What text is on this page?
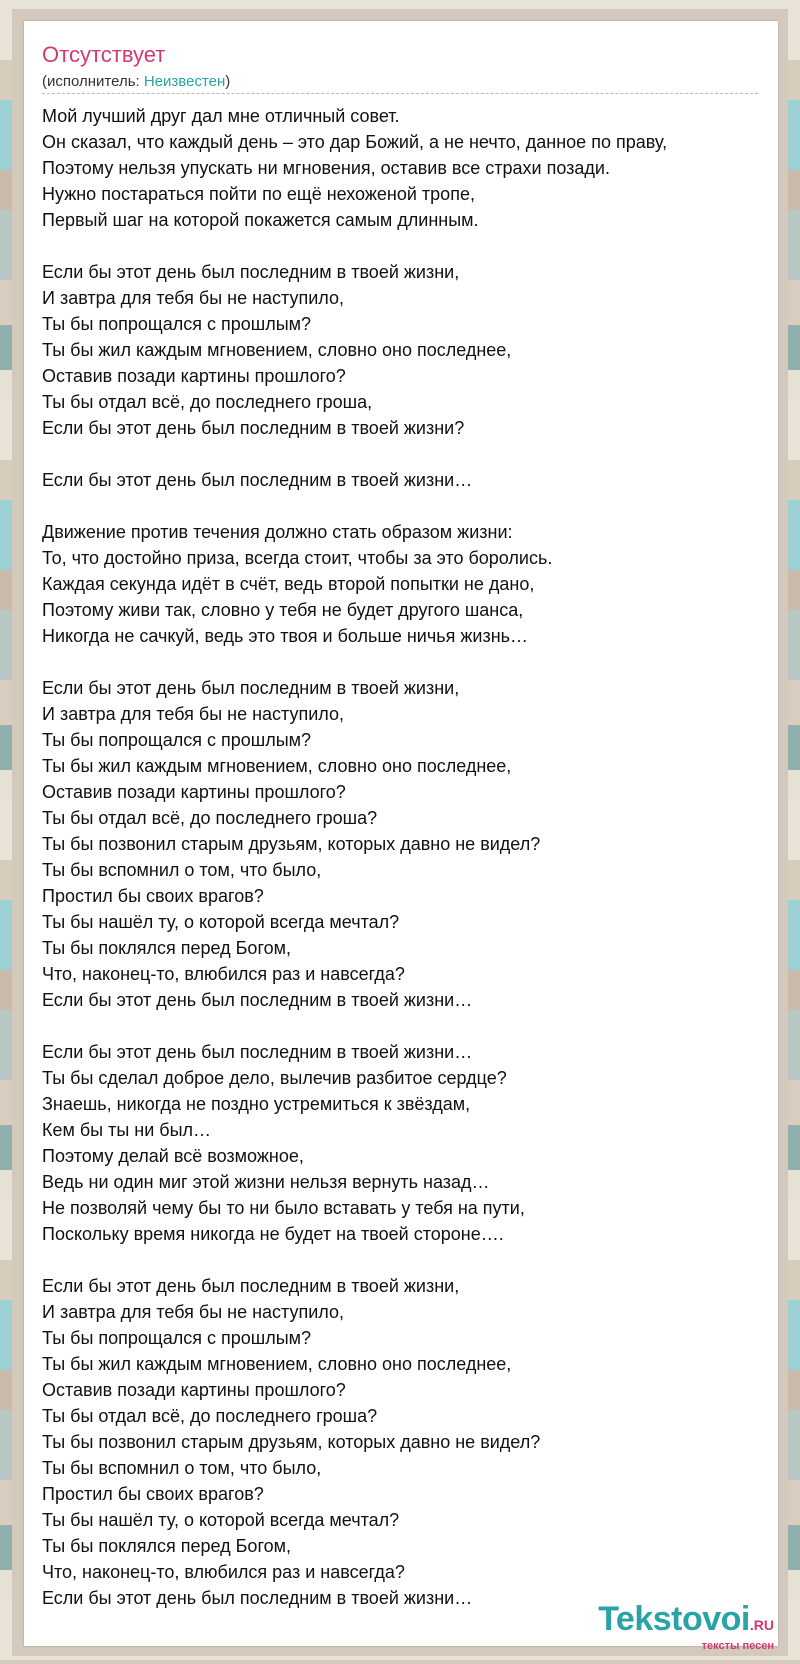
Отсутствует
(исполнитель: Неизвестен)
Мой лучший друг дал мне отличный совет.
Он сказал, что каждый день – это дар Божий, а не нечто, данное по праву,
Поэтому нельзя упускать ни мгновения, оставив все страхи позади.
Нужно постараться пойти по ещё нехоженой тропе,
Первый шаг на которой покажется самым длинным.

Если бы этот день был последним в твоей жизни,
И завтра для тебя бы не наступило,
Ты бы попрощался с прошлым?
Ты бы жил каждым мгновением, словно оно последнее,
Оставив позади картины прошлого?
Ты бы отдал всё, до последнего гроша,
Если бы этот день был последним в твоей жизни?

Если бы этот день был последним в твоей жизни…

Движение против течения должно стать образом жизни:
То, что достойно приза, всегда стоит, чтобы за это боролись.
Каждая секунда идёт в счёт, ведь второй попытки не дано,
Поэтому живи так, словно у тебя не будет другого шанса,
Никогда не сачкуй, ведь это твоя и больше ничья жизнь…

Если бы этот день был последним в твоей жизни,
И завтра для тебя бы не наступило,
Ты бы попрощался с прошлым?
Ты бы жил каждым мгновением, словно оно последнее,
Оставив позади картины прошлого?
Ты бы отдал всё, до последнего гроша?
Ты бы позвонил старым друзьям, которых давно не видел?
Ты бы вспомнил о том, что было,
Простил бы своих врагов?
Ты бы нашёл ту, о которой всегда мечтал?
Ты бы поклялся перед Богом,
Что, наконец-то, влюбился раз и навсегда?
Если бы этот день был последним в твоей жизни…

Если бы этот день был последним в твоей жизни…
Ты бы сделал доброе дело, вылечив разбитое сердце?
Знаешь, никогда не поздно устремиться к звёздам,
Кем бы ты ни был…
Поэтому делай всё возможное,
Ведь ни один миг этой жизни нельзя вернуть назад…
Не позволяй чему бы то ни было вставать у тебя на пути,
Поскольку время никогда не будет на твоей стороне….

Если бы этот день был последним в твоей жизни,
И завтра для тебя бы не наступило,
Ты бы попрощался с прошлым?
Ты бы жил каждым мгновением, словно оно последнее,
Оставив позади картины прошлого?
Ты бы отдал всё, до последнего гроша?
Ты бы позвонил старым друзьям, которых давно не видел?
Ты бы вспомнил о том, что было,
Простил бы своих врагов?
Ты бы нашёл ту, о которой всегда мечтал?
Ты бы поклялся перед Богом,
Что, наконец-то, влюбился раз и навсегда?
Если бы этот день был последним в твоей жизни…
Tekstovoi.RU
тексты песен
